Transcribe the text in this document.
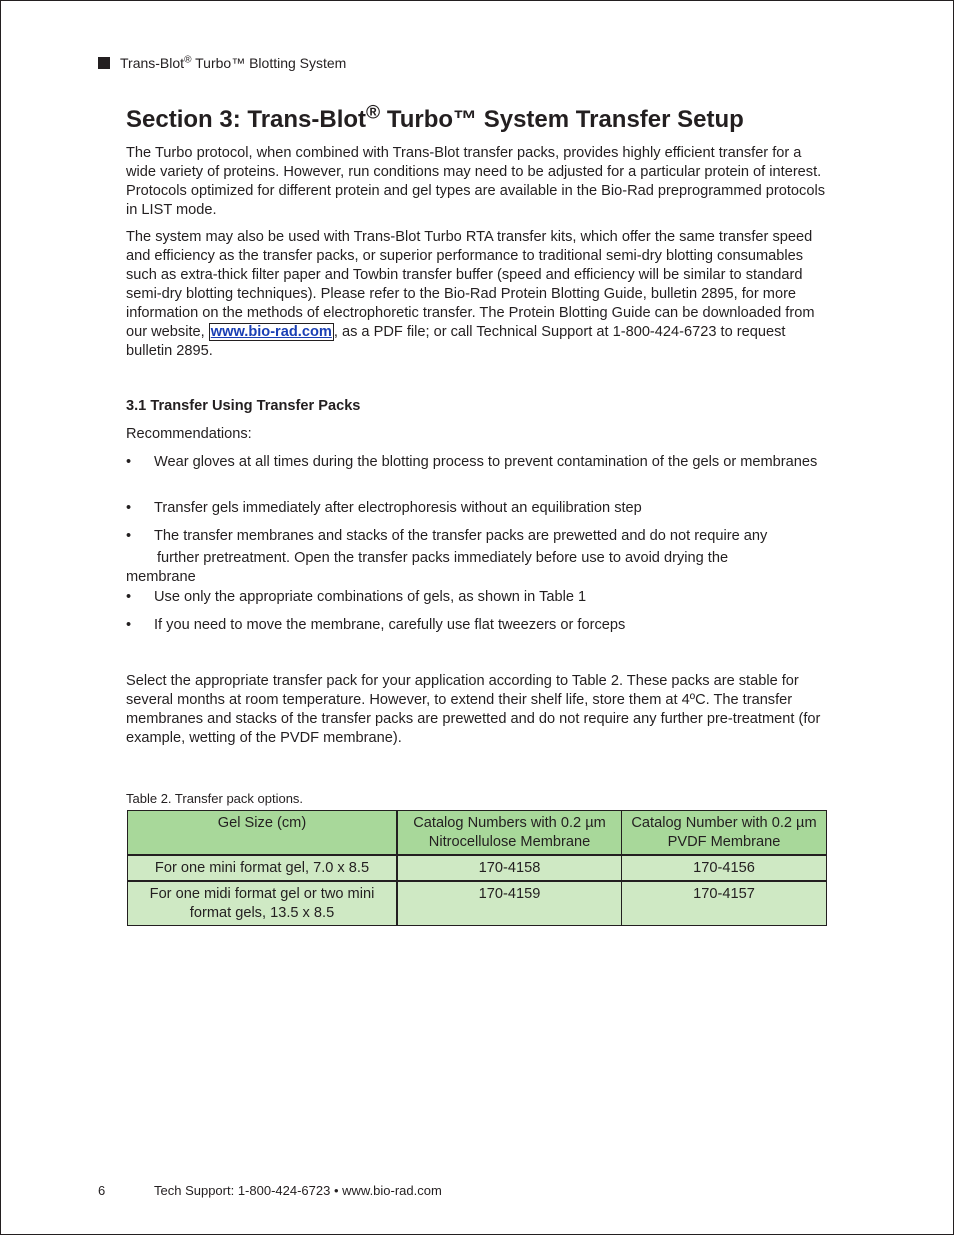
Trans-Blot® Turbo™ Blotting System
Section 3: Trans-Blot® Turbo™ System Transfer Setup

The Turbo protocol, when combined with Trans-Blot transfer packs, provides highly efficient transfer for a wide variety of proteins. However, run conditions may need to be adjusted for a particular protein of interest. Protocols optimized for different protein and gel types are available in the Bio-Rad preprogrammed protocols in LIST mode.

The system may also be used with Trans-Blot Turbo RTA transfer kits, which offer the same transfer speed and efficiency as the transfer packs, or superior performance to traditional semi-dry blotting consumables such as extra-thick filter paper and Towbin transfer buffer (speed and efficiency will be similar to standard semi-dry blotting techniques). Please refer to the Bio-Rad Protein Blotting Guide, bulletin 2895, for more information on the methods of electrophoretic transfer. The Protein Blotting Guide can be downloaded from our website, www.bio-rad.com , as a PDF file; or call Technical Support at 1-800-424-6723 to request bulletin 2895.

3.1 Transfer Using Transfer Packs

Recommendations:

•	Wear gloves at all times during the blotting process to prevent contamination of the gels or membranes
•	Transfer gels immediately after electrophoresis without an equilibration step
•	The transfer membranes and stacks of the transfer packs are prewetted and do not require any
further pretreatment. Open the transfer packs immediately before use to avoid drying the
membrane
•	Use only the appropriate combinations of gels, as shown in Table 1
•	If you need to move the membrane, carefully use flat tweezers or forceps

Select the appropriate transfer pack for your application according to Table 2. These packs are stable for several months at room temperature. However, to extend their shelf life, store them at 4ºC. The transfer membranes and stacks of the transfer packs are prewetted and do not require any further pre-treatment (for example, wetting of the PVDF membrane).

Table 2. Transfer pack options.

Gel Size (cm)	Catalog Numbers with 0.2 µm Nitrocellulose Membrane	Catalog Number with 0.2 µm PVDF Membrane
For one mini format gel, 7.0 x 8.5	170-4158	170-4156
For one midi format gel or two mini format gels, 13.5 x 8.5	170-4159	170-4157
6	Tech Support: 1-800-424-6723 • www.bio-rad.com
